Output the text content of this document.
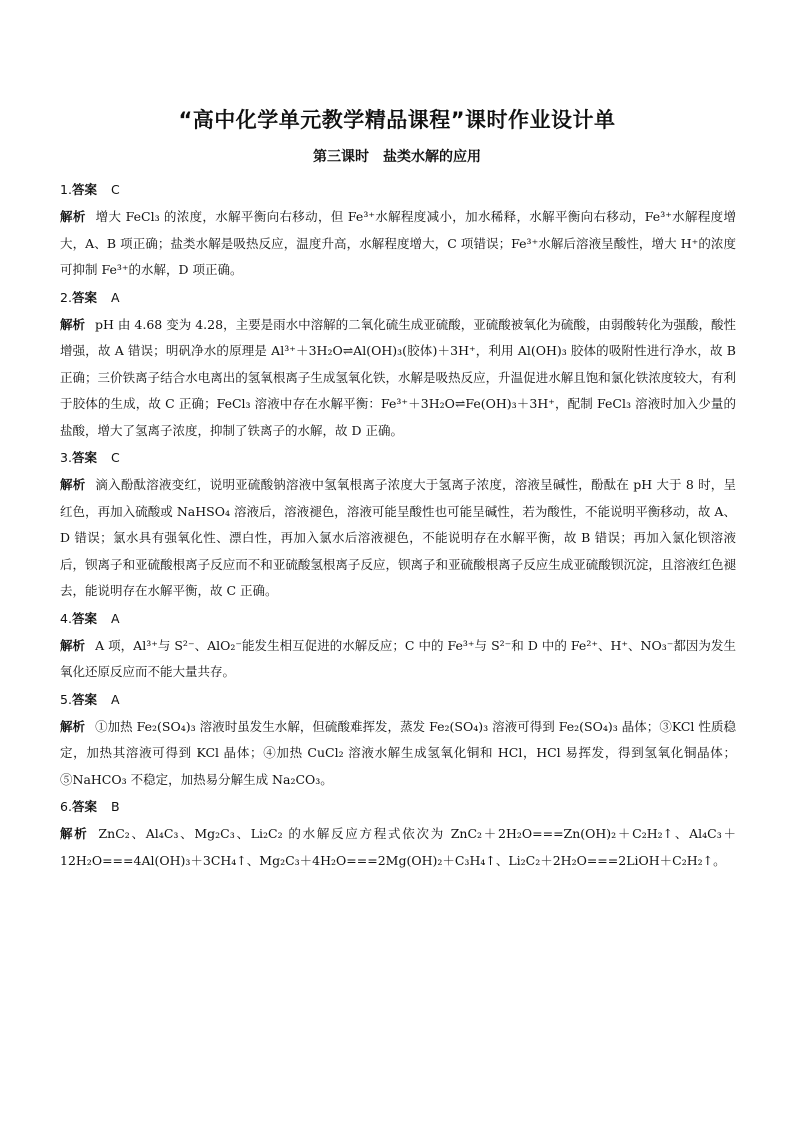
“高中化学单元教学精品课程”课时作业设计单
第三课时　盐类水解的应用
1.答案 C
解析 增大 FeCl₃ 的浓度，水解平衡向右移动，但 Fe³⁺水解程度减小，加水稀释，水解平衡向右移动，Fe³⁺水解程度增大，A、B 项正确；盐类水解是吸热反应，温度升高，水解程度增大，C 项错误；Fe³⁺水解后溶液呈酸性，增大 H⁺的浓度可抑制 Fe³⁺的水解，D 项正确。
2.答案 A
解析 pH 由 4.68 变为 4.28，主要是雨水中溶解的二氧化硫生成亚硫酸，亚硫酸被氧化为硫酸，由弱酸转化为强酸，酸性增强，故 A 错误；明矾净水的原理是 Al³⁺＋3H₂O⇌Al(OH)₃(胶体)＋3H⁺，利用 Al(OH)₃ 胶体的吸附性进行净水，故 B 正确；三价铁离子结合水电离出的氢氧根离子生成氢氧化铁，水解是吸热反应，升温促进水解且饱和氯化铁浓度较大，有利于胶体的生成，故 C 正确；FeCl₃ 溶液中存在水解平衡：Fe³⁺＋3H₂O⇌Fe(OH)₃＋3H⁺，配制 FeCl₃ 溶液时加入少量的盐酸，增大了氢离子浓度，抑制了铁离子的水解，故 D 正确。
3.答案 C
解析 滴入酚酞溶液变红，说明亚硫酸钠溶液中氢氧根离子浓度大于氢离子浓度，溶液呈碱性，酚酞在 pH 大于 8 时，呈红色，再加入硫酸或 NaHSO₄ 溶液后，溶液褪色，溶液可能呈酸性也可能呈碱性，若为酸性，不能说明平衡移动，故 A、D 错误；氯水具有强氧化性、漂白性，再加入氯水后溶液褪色，不能说明存在水解平衡，故 B 错误；再加入氯化钡溶液后，钡离子和亚硫酸根离子反应而不和亚硫酸氢根离子反应，钡离子和亚硫酸根离子反应生成亚硫酸钡沉淀，且溶液红色褪去，能说明存在水解平衡，故 C 正确。
4.答案 A
解析 A 项，Al³⁺与 S²⁻、AlO₂⁻能发生相互促进的水解反应；C 中的 Fe³⁺与 S²⁻和 D 中的 Fe²⁺、H⁺、NO₃⁻都因为发生氧化还原反应而不能大量共存。
5.答案 A
解析 ①加热 Fe₂(SO₄)₃ 溶液时虽发生水解，但硫酸难挥发，蒸发 Fe₂(SO₄)₃ 溶液可得到 Fe₂(SO₄)₃ 晶体；③KCl 性质稳定，加热其溶液可得到 KCl 晶体；④加热 CuCl₂ 溶液水解生成氢氧化铜和 HCl，HCl 易挥发，得到氢氧化铜晶体；⑤NaHCO₃ 不稳定，加热易分解生成 Na₂CO₃。
6.答案 B
解析 ZnC₂、Al₄C₃、Mg₂C₃、Li₂C₂ 的水解反应方程式依次为 ZnC₂＋2H₂O===Zn(OH)₂＋C₂H₂↑、Al₄C₃＋12H₂O===4Al(OH)₃＋3CH₄↑、Mg₂C₃＋4H₂O===2Mg(OH)₂＋C₃H₄↑、Li₂C₂＋2H₂O===2LiOH＋C₂H₂↑。
